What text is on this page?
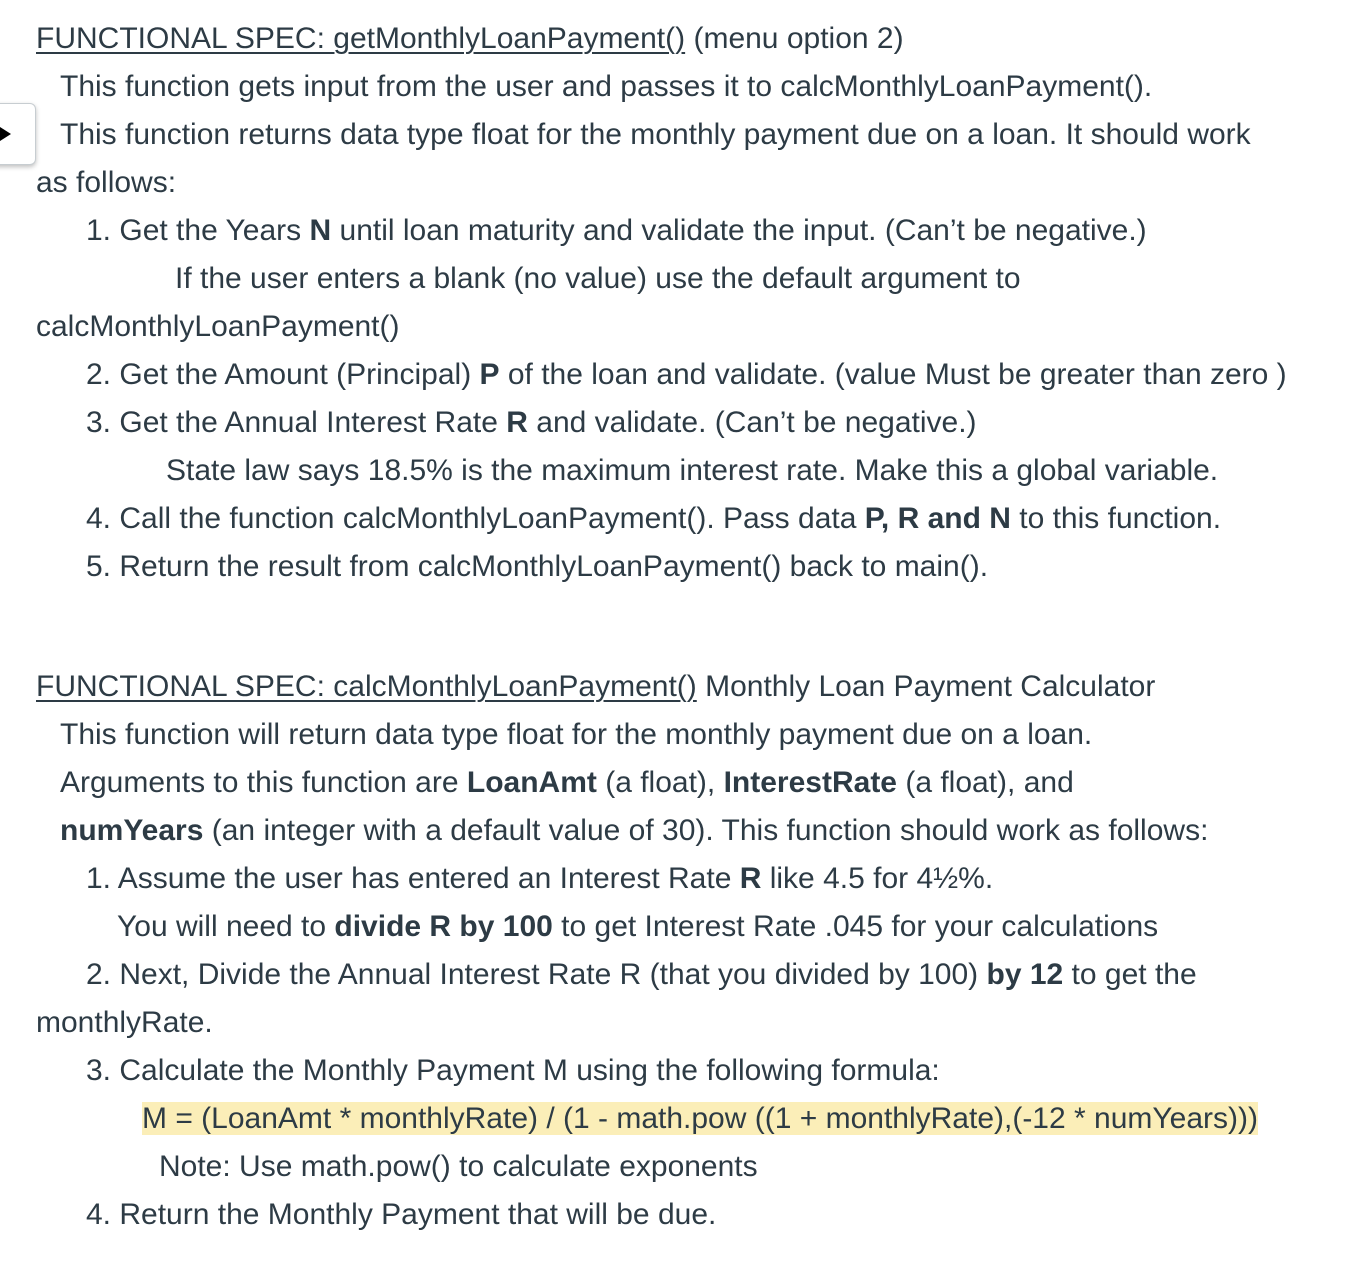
FUNCTIONAL SPEC: getMonthlyLoanPayment() (menu option 2)
This function gets input from the user and passes it to calcMonthlyLoanPayment().
This function returns data type float for the monthly payment due on a loan. It should work
as follows:
1. Get the Years N until loan maturity and validate the input. (Can’t be negative.)
If the user enters a blank (no value) use the default argument to
calcMonthlyLoanPayment()
2. Get the Amount (Principal) P of the loan and validate. (value Must be greater than zero )
3. Get the Annual Interest Rate R and validate. (Can’t be negative.)
State law says 18.5% is the maximum interest rate. Make this a global variable.
4. Call the function calcMonthlyLoanPayment(). Pass data P, R and N to this function.
5. Return the result from calcMonthlyLoanPayment() back to main().
FUNCTIONAL SPEC: calcMonthlyLoanPayment() Monthly Loan Payment Calculator
This function will return data type float for the monthly payment due on a loan.
Arguments to this function are LoanAmt (a float), InterestRate (a float), and
numYears (an integer with a default value of 30). This function should work as follows:
1. Assume the user has entered an Interest Rate R like 4.5 for 4½%.
You will need to divide R by 100 to get Interest Rate .045 for your calculations
2. Next, Divide the Annual Interest Rate R (that you divided by 100) by 12 to get the
monthlyRate.
3. Calculate the Monthly Payment M using the following formula:
M = (LoanAmt * monthlyRate) / (1 - math.pow ((1 + monthlyRate),(-12 * numYears)))
Note: Use math.pow() to calculate exponents
4. Return the Monthly Payment that will be due.
